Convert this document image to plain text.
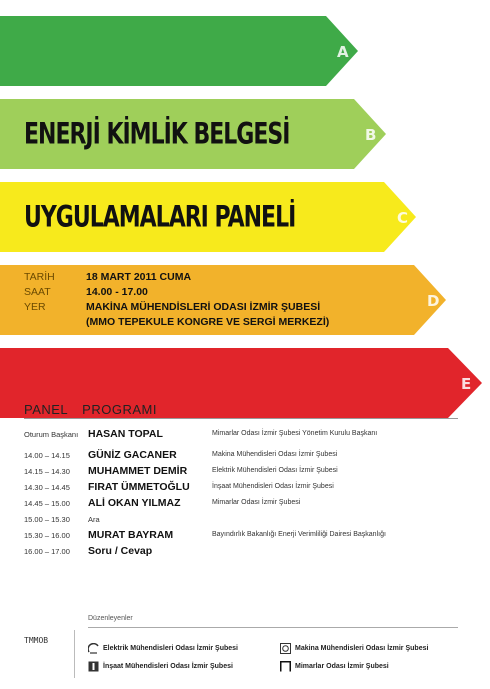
A
B
C
D
E
ENERJİ KİMLİK BELGESİ
UYGULAMALARI PANELİ
TARİH	18 MART 2011 CUMA
SAAT	14.00 - 17.00
YER	MAKİNA MÜHENDİSLERİ ODASI İZMİR ŞUBESİ
(MMO TEPEKULE KONGRE VE SERGİ MERKEZİ)
PANEL PROGRAMI
Oturum Başkanı HASAN TOPAL	Mimarlar Odası İzmir Şubesi Yönetim Kurulu Başkanı
14.00 – 14.15 GÜNİZ GACANER	Makina Mühendisleri Odası İzmir Şubesi
14.15 – 14.30 MUHAMMET DEMİR	Elektrik Mühendisleri Odası İzmir Şubesi
14.30 – 14.45 FIRAT ÜMMETOĞLU	İnşaat Mühendisleri Odası İzmir Şubesi
14.45 – 15.00 ALİ OKAN YILMAZ	Mimarlar Odası İzmir Şubesi
15.00 – 15.30 Ara
15.30 – 16.00 MURAT BAYRAM	Bayındırlık Bakanlığı Enerji Verimliliği Dairesi Başkanlığı
16.00 – 17.00 Soru / Cevap
Düzenleyenler
TMMOB
Elektrik Mühendisleri Odası İzmir Şubesi	Makina Mühendisleri Odası İzmir Şubesi
İnşaat Mühendisleri Odası İzmir Şubesi	Mimarlar Odası İzmir Şubesi
